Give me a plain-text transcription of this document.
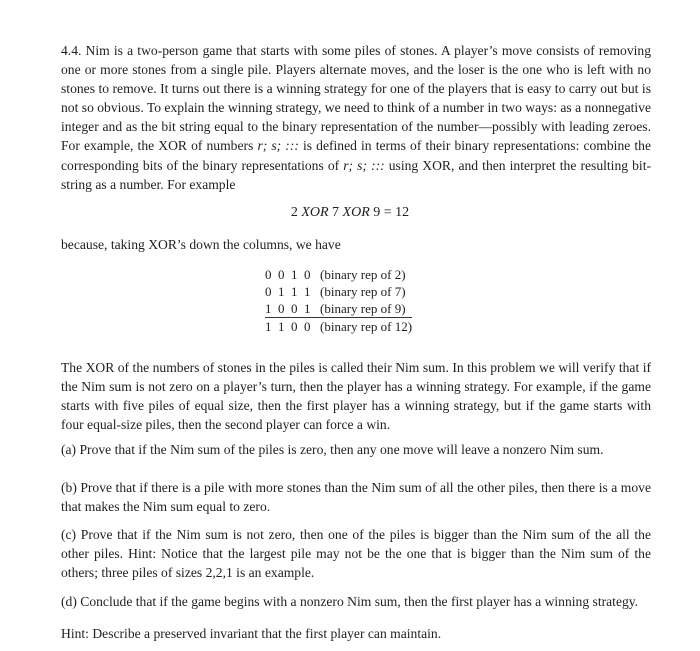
4.4. Nim is a two-person game that starts with some piles of stones. A player’s move consists of removing one or more stones from a single pile. Players alternate moves, and the loser is the one who is left with no stones to remove. It turns out there is a winning strategy for one of the players that is easy to carry out but is not so obvious. To explain the winning strategy, we need to think of a number in two ways: as a nonnegative integer and as the bit string equal to the binary representation of the number—possibly with leading zeroes. For example, the XOR of numbers r; s; ::: is defined in terms of their binary representations: combine the corresponding bits of the binary representations of r; s; ::: using XOR, and then interpret the resulting bit-string as a number. For example

2 XOR 7 XOR 9 = 12

because, taking XOR’s down the columns, we have

0	0	1	0	(binary rep of 2)
0	1	1	1	(binary rep of 7)
1	0	0	1	(binary rep of 9)
1	1	0	0	(binary rep of 12)

The XOR of the numbers of stones in the piles is called their Nim sum. In this problem we will verify that if the Nim sum is not zero on a player’s turn, then the player has a winning strategy. For example, if the game starts with five piles of equal size, then the first player has a winning strategy, but if the game starts with four equal-size piles, then the second player can force a win.

(a) Prove that if the Nim sum of the piles is zero, then any one move will leave a nonzero Nim sum.

(b) Prove that if there is a pile with more stones than the Nim sum of all the other piles, then there is a move that makes the Nim sum equal to zero.

(c) Prove that if the Nim sum is not zero, then one of the piles is bigger than the Nim sum of the all the other piles. Hint: Notice that the largest pile may not be the one that is bigger than the Nim sum of the others; three piles of sizes 2,2,1 is an example.

(d) Conclude that if the game begins with a nonzero Nim sum, then the first player has a winning strategy.

Hint: Describe a preserved invariant that the first player can maintain.
